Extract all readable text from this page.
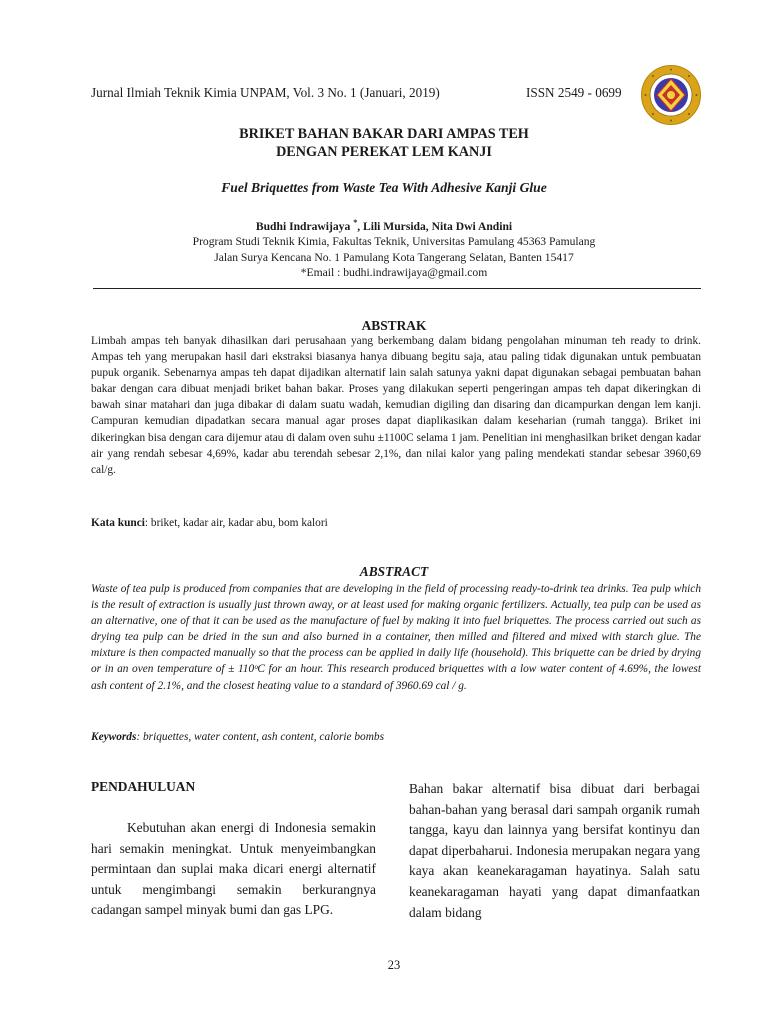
Jurnal Ilmiah Teknik Kimia UNPAM, Vol. 3 No. 1 (Januari, 2019)	ISSN 2549 - 0699
BRIKET BAHAN BAKAR DARI AMPAS TEH
DENGAN PEREKAT LEM KANJI
Fuel Briquettes from Waste Tea With Adhesive Kanji Glue
Budhi Indrawijaya *, Lili Mursida, Nita Dwi Andini
Program Studi Teknik Kimia, Fakultas Teknik, Universitas Pamulang 45363 Pamulang
Jalan Surya Kencana No. 1 Pamulang Kota Tangerang Selatan, Banten 15417
*Email : budhi.indrawijaya@gmail.com
ABSTRAK
Limbah ampas teh banyak dihasilkan dari perusahaan yang berkembang dalam bidang pengolahan minuman teh ready to drink. Ampas teh yang merupakan hasil dari ekstraksi biasanya hanya dibuang begitu saja, atau paling tidak digunakan untuk pembuatan pupuk organik. Sebenarnya ampas teh dapat dijadikan alternatif lain salah satunya yakni dapat digunakan sebagai pembuatan bahan bakar dengan cara dibuat menjadi briket bahan bakar. Proses yang dilakukan seperti pengeringan ampas teh dapat dikeringkan di bawah sinar matahari dan juga dibakar di dalam suatu wadah, kemudian digiling dan disaring dan dicampurkan dengan lem kanji. Campuran kemudian dipadatkan secara manual agar proses dapat diaplikasikan dalam keseharian (rumah tangga). Briket ini dikeringkan bisa dengan cara dijemur atau di dalam oven suhu ±1100C selama 1 jam. Penelitian ini menghasilkan briket dengan kadar air yang rendah sebesar 4,69%, kadar abu terendah sebesar 2,1%, dan nilai kalor yang paling mendekati standar sebesar 3960,69 cal/g.
Kata kunci: briket, kadar air, kadar abu, bom kalori
ABSTRACT
Waste of tea pulp is produced from companies that are developing in the field of processing ready-to-drink tea drinks. Tea pulp which is the result of extraction is usually just thrown away, or at least used for making organic fertilizers. Actually, tea pulp can be used as an alternative, one of that it can be used as the manufacture of fuel by making it into fuel briquettes. The process carried out such as drying tea pulp can be dried in the sun and also burned in a container, then milled and filtered and mixed with starch glue. The mixture is then compacted manually so that the process can be applied in daily life (household). This briquette can be dried by drying or in an oven temperature of ± 110ᵒC for an hour. This research produced briquettes with a low water content of 4.69%, the lowest ash content of 2.1%, and the closest heating value to a standard of 3960.69 cal / g.
Keywords: briquettes, water content, ash content, calorie bombs
PENDAHULUAN
Kebutuhan akan energi di Indonesia semakin hari semakin meningkat. Untuk menyeimbangkan permintaan dan suplai maka dicari energi alternatif untuk mengimbangi semakin berkurangnya cadangan sampel minyak bumi dan gas LPG.
Bahan bakar alternatif bisa dibuat dari berbagai bahan-bahan yang berasal dari sampah organik rumah tangga, kayu dan lainnya yang bersifat kontinyu dan dapat diperbaharui. Indonesia merupakan negara yang kaya akan keanekaragaman hayatinya. Salah satu keanekaragaman hayati yang dapat dimanfaatkan dalam bidang
23
